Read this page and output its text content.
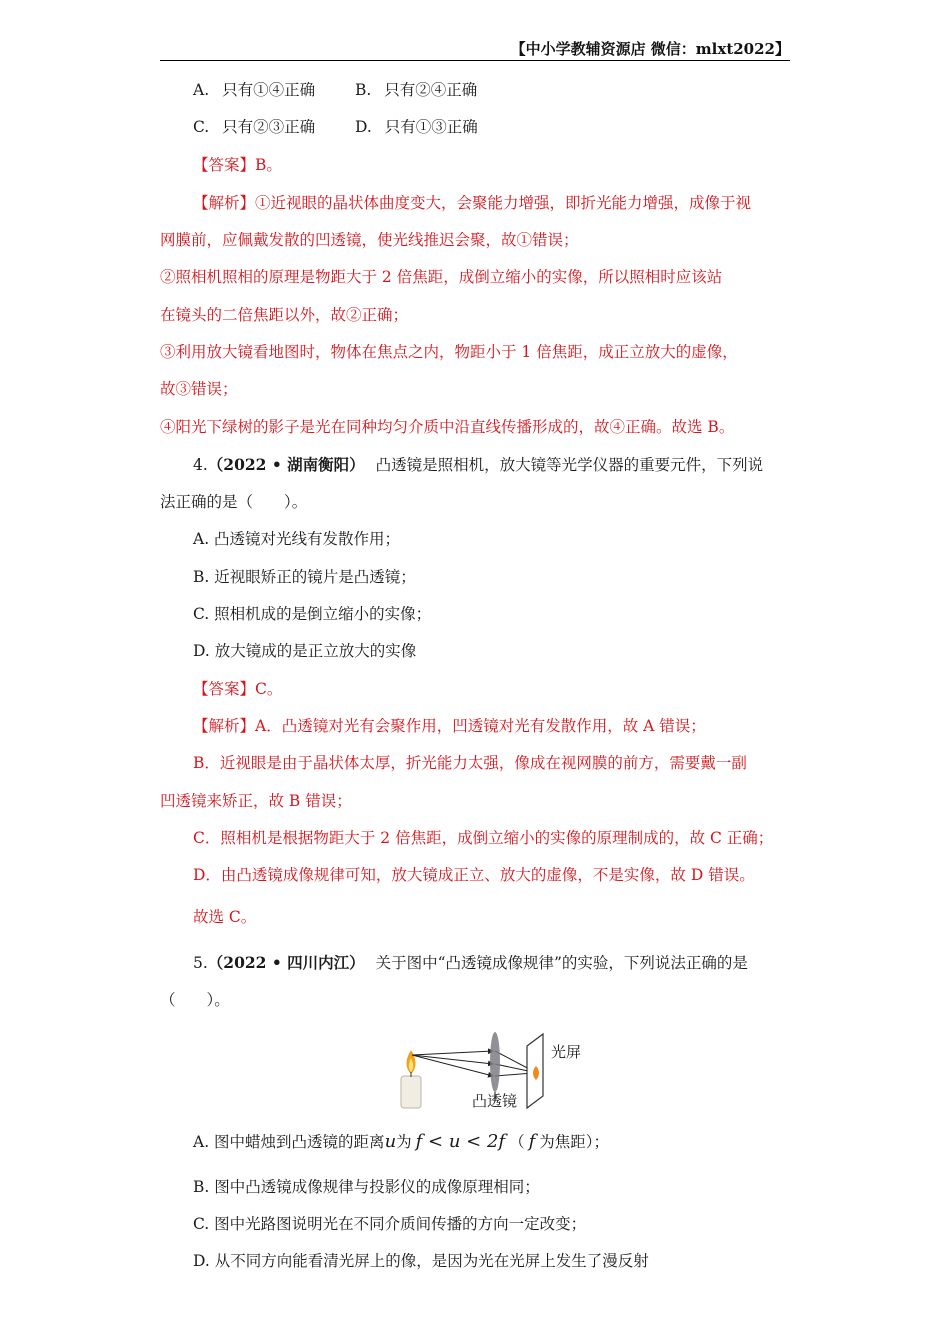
【中小学教辅资源店 微信：mlxt2022】
A. 只有①④正确	B. 只有②④正确
C. 只有②③正确	D. 只有①③正确
【答案】B。
【解析】①近视眼的晶状体曲度变大，会聚能力增强，即折光能力增强，成像于视
网膜前，应佩戴发散的凹透镜，使光线推迟会聚，故①错误；
②照相机照相的原理是物距大于 2 倍焦距，成倒立缩小的实像，所以照相时应该站
在镜头的二倍焦距以外，故②正确；
③利用放大镜看地图时，物体在焦点之内，物距小于 1 倍焦距，成正立放大的虚像，
故③错误；
④阳光下绿树的影子是光在同种均匀介质中沿直线传播形成的，故④正确。故选 B。
4.（2022 • 湖南衡阳） 凸透镜是照相机，放大镜等光学仪器的重要元件，下列说
法正确的是（　　）。
A. 凸透镜对光线有发散作用；
B. 近视眼矫正的镜片是凸透镜；
C. 照相机成的是倒立缩小的实像；
D. 放大镜成的是正立放大的实像
【答案】C。
【解析】A．凸透镜对光有会聚作用，凹透镜对光有发散作用，故 A 错误；
B．近视眼是由于晶状体太厚，折光能力太强，像成在视网膜的前方，需要戴一副
凹透镜来矫正，故 B 错误；
C．照相机是根据物距大于 2 倍焦距，成倒立缩小的实像的原理制成的，故 C 正确；
D．由凸透镜成像规律可知，放大镜成正立、放大的虚像，不是实像，故 D 错误。
故选 C。
5.（2022 • 四川内江） 关于图中“凸透镜成像规律”的实验，下列说法正确的是
（　　）。
光屏
凸透镜
A. 图中蜡烛到凸透镜的距离u为 f < u < 2f （ f 为焦距）；
B. 图中凸透镜成像规律与投影仪的成像原理相同；
C. 图中光路图说明光在不同介质间传播的方向一定改变；
D. 从不同方向能看清光屏上的像，是因为光在光屏上发生了漫反射
